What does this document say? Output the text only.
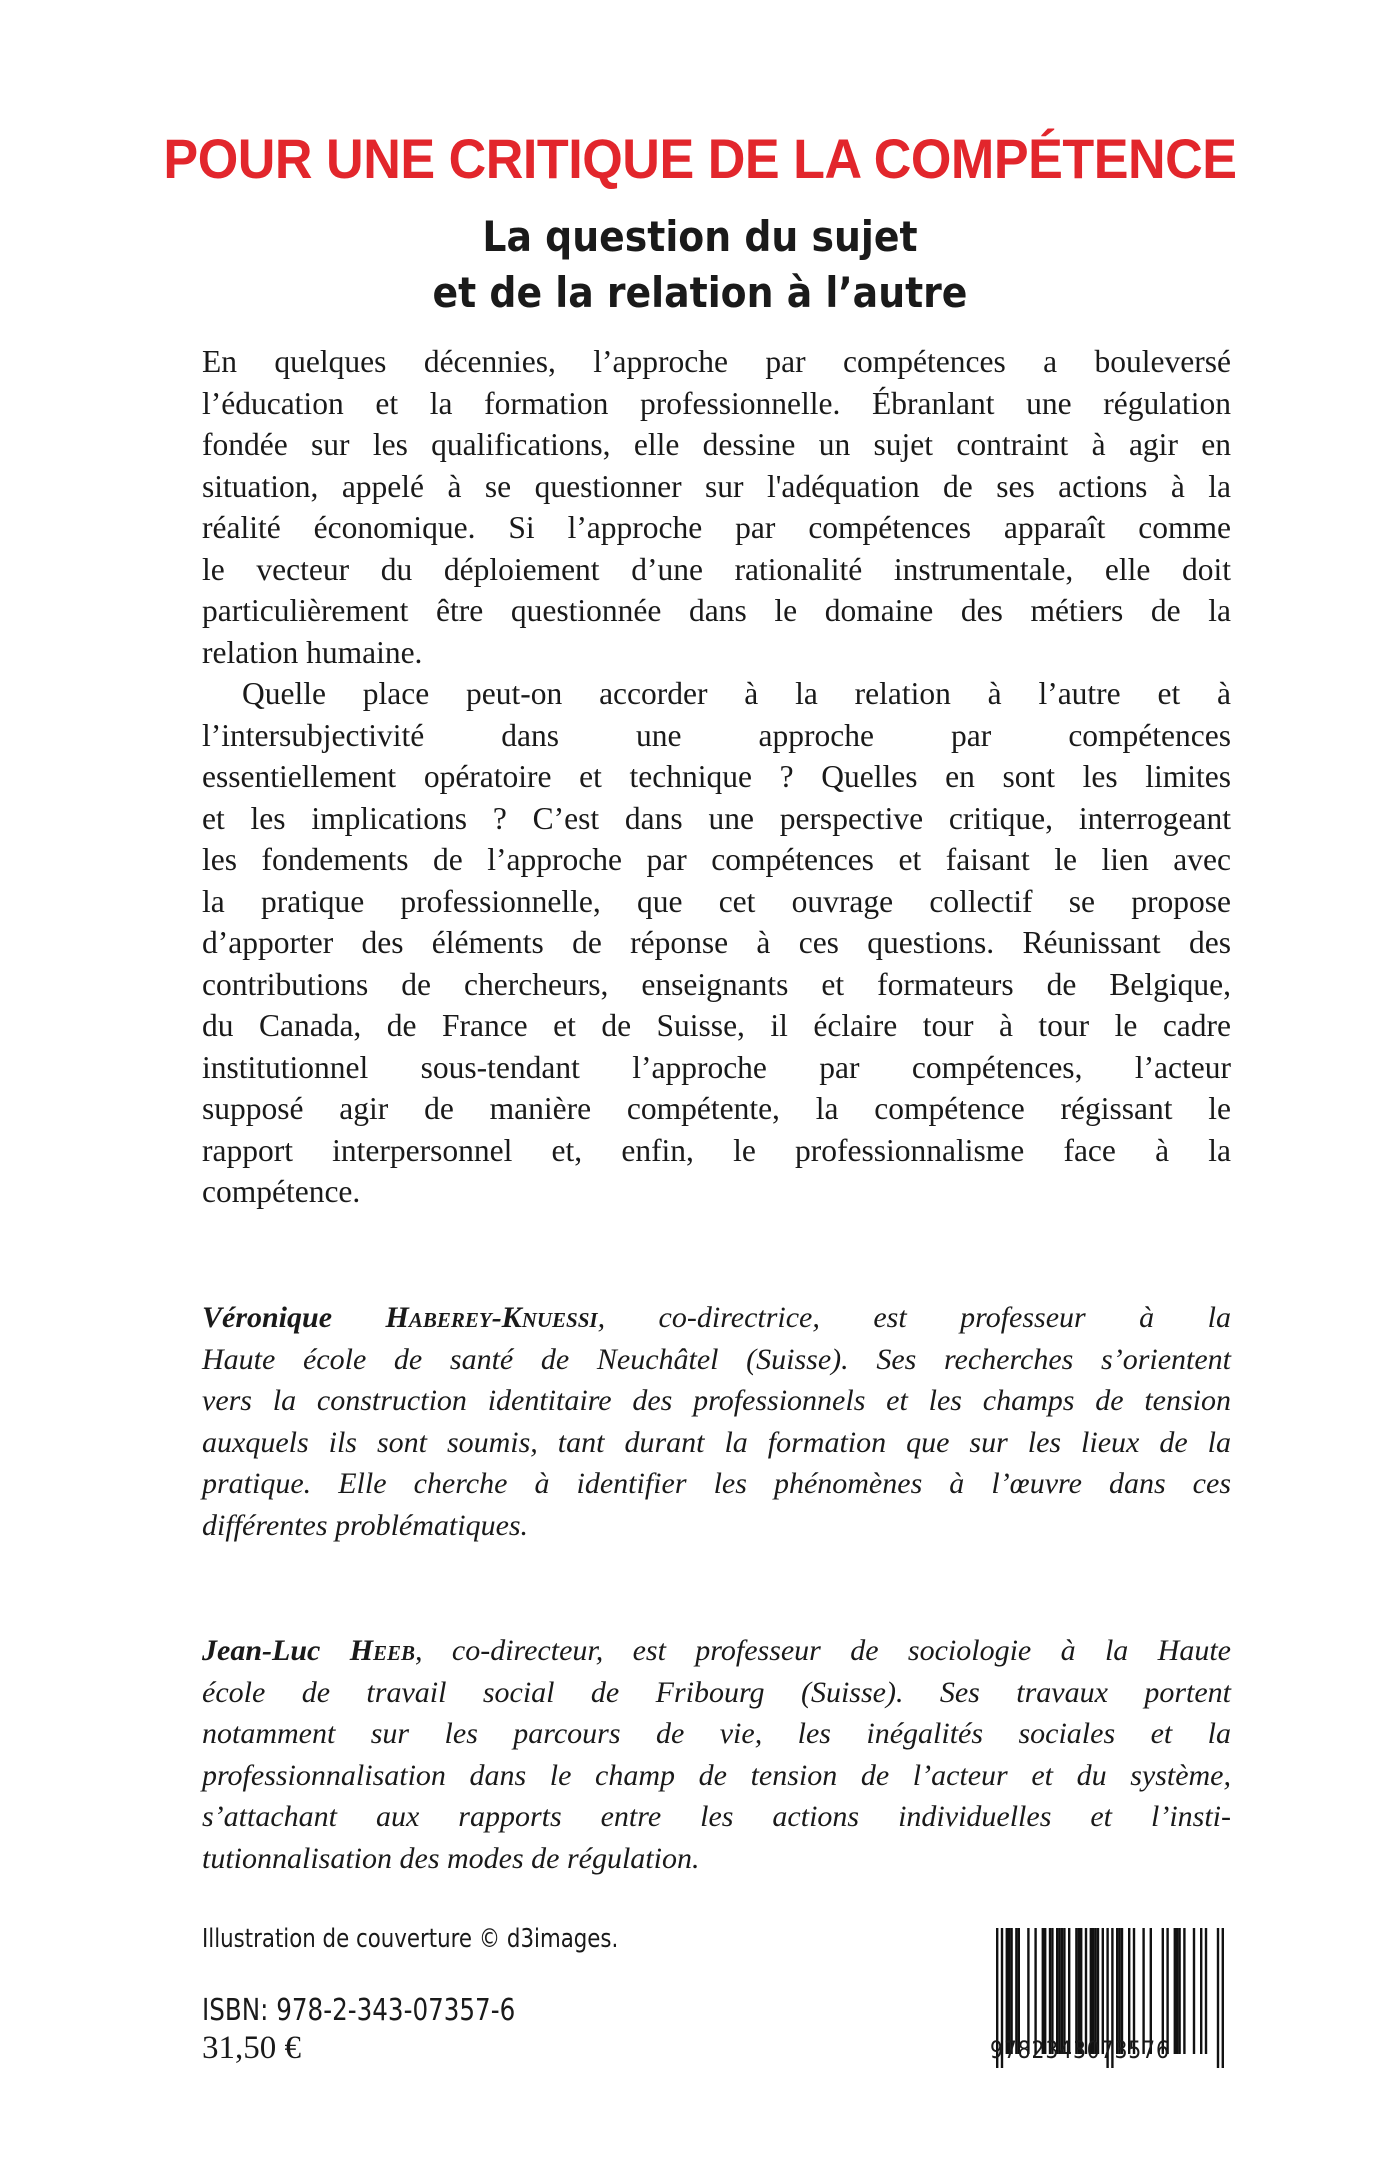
POUR UNE CRITIQUE DE LA COMPÉTENCE
La question du sujet
et de la relation à l’autre
En quelques décennies, l’approche par compétences a bouleversé
l’éducation et la formation professionnelle. Ébranlant une régulation
fondée sur les qualifications, elle dessine un sujet contraint à agir en
situation, appelé à se questionner sur l'adéquation de ses actions à la
réalité économique. Si l’approche par compétences apparaît comme
le vecteur du déploiement d’une rationalité instrumentale, elle doit
particulièrement être questionnée dans le domaine des métiers de la
relation humaine.
Quelle place peut-on accorder à la relation à l’autre et à
l’intersubjectivité dans une approche par compétences
essentiellement opératoire et technique ? Quelles en sont les limites
et les implications ? C’est dans une perspective critique, interrogeant
les fondements de l’approche par compétences et faisant le lien avec
la pratique professionnelle, que cet ouvrage collectif se propose
d’apporter des éléments de réponse à ces questions. Réunissant des
contributions de chercheurs, enseignants et formateurs de Belgique,
du Canada, de France et de Suisse, il éclaire tour à tour le cadre
institutionnel sous-tendant l’approche par compétences, l’acteur
supposé agir de manière compétente, la compétence régissant le
rapport interpersonnel et, enfin, le professionnalisme face à la
compétence.
Véronique Haberey-Knuessi, co-directrice, est professeur à la
Haute école de santé de Neuchâtel (Suisse). Ses recherches s’orientent
vers la construction identitaire des professionnels et les champs de tension
auxquels ils sont soumis, tant durant la formation que sur les lieux de la
pratique. Elle cherche à identifier les phénomènes à l’œuvre dans ces
différentes problématiques.
Jean-Luc Heeb, co-directeur, est professeur de sociologie à la Haute
école de travail social de Fribourg (Suisse). Ses travaux portent
notamment sur les parcours de vie, les inégalités sociales et la
professionnalisation dans le champ de tension de l’acteur et du système,
s’attachant aux rapports entre les actions individuelles et l’insti-
tutionnalisation des modes de régulation.
Illustration de couverture © d3images.
ISBN: 978-2-343-07357-6
31,50 €	9782343073576
